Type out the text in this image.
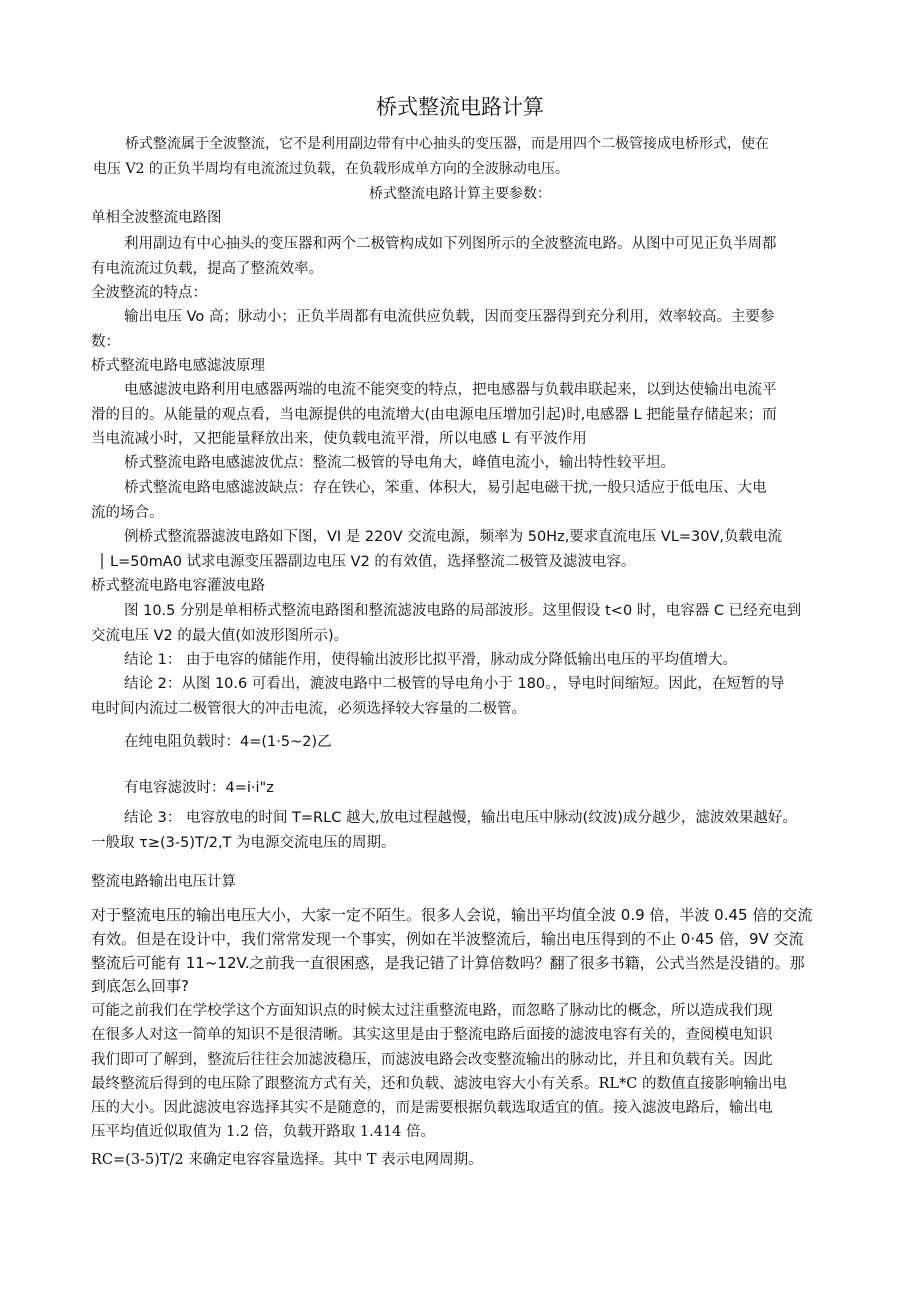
桥式整流电路计算
桥式整流属于全波整流，它不是利用副边带有中心抽头的变压器，而是用四个二极管接成电桥形式，使在
电压 V2 的正负半周均有电流流过负载，在负载形成单方向的全波脉动电压。
桥式整流电路计算主要参数：
单相全波整流电路图
利用副边有中心抽头的变压器和两个二极管构成如下列图所示的全波整流电路。从图中可见正负半周都
有电流流过负载，提高了整流效率。
全波整流的特点：
输出电压 Vo 高；脉动小；正负半周都有电流供应负载，因而变压器得到充分利用，效率较高。主要参
数：
桥式整流电路电感滤波原理
电感滤波电路利用电感器两端的电流不能突变的特点，把电感器与负载串联起来，以到达使输出电流平
滑的目的。从能量的观点看，当电源提供的电流增大(由电源电压增加引起)时,电感器 L 把能量存储起来；而
当电流减小时，又把能量释放出来，使负载电流平滑，所以电感 L 有平波作用
桥式整流电路电感滤波优点：整流二极管的导电角大，峰值电流小，输出特性较平坦。
桥式整流电路电感滤波缺点：存在铁心，笨重、体积大，易引起电磁干扰,一般只适应于低电压、大电
流的场合。
例桥式整流器滤波电路如下图，VI 是 220V 交流电源，频率为 50Hz,要求直流电压 VL=30V,负载电流
L=50mA0 试求电源变压器副边电压 V2 的有效值，选择整流二极管及滤波电容。
桥式整流电路电容灌波电路
图 10.5 分别是单相桥式整流电路图和整流滤波电路的局部波形。这里假设 t<0 时，电容器 C 已经充电到
交流电压 V2 的最大值(如波形图所示)。
结论 1： 由于电容的储能作用，使得输出波形比拟平滑，脉动成分降低输出电压的平均值增大。
结论 2：从图 10.6 可看出，漉波电路中二极管的导电角小于 180。，导电时间缩短。因此，在短暂的导
电时间内流过二极管很大的冲击电流，必须选择较大容量的二极管。
在纯电阻负载时：4=(1·5~2)乙
有电容滤波时：4=i·i"z
结论 3： 电容放电的时间 T=RLC 越大,放电过程越慢，输出电压中脉动(纹波)成分越少，滤波效果越好。
一般取 τ≥(3-5)T/2,T 为电源交流电压的周期。
整流电路输出电压计算
对于整流电压的输出电压大小，大家一定不陌生。很多人会说，输出平均值全波 0.9 倍，半波 0.45 倍的交流
有效。但是在设计中，我们常常发现一个事实，例如在半波整流后，输出电压得到的不止 0·45 倍，9V 交流
整流后可能有 11~12V.之前我一直很困惑，是我记错了计算倍数吗？翻了很多书籍，公式当然是没错的。那
到底怎么回事?
可能之前我们在学校学这个方面知识点的时候太过注重整流电路，而忽略了脉动比的概念，所以造成我们现
在很多人对这一简单的知识不是很清晰。其实这里是由于整流电路后面接的滤波电容有关的，查阅模电知识
我们即可了解到，整流后往往会加滤波稳压，而滤波电路会改变整流输出的脉动比，并且和负载有关。因此
最终整流后得到的电压除了跟整流方式有关，还和负载、滤波电容大小有关系。RL*C 的数值直接影响输出电
压的大小。因此滤波电容选择其实不是随意的，而是需要根据负载选取适宜的值。接入滤波电路后，输出电
压平均值近似取值为 1.2 倍，负载开路取 1.414 倍。
RC=(3-5)T/2 来确定电容容量选择。其中 T 表示电网周期。
